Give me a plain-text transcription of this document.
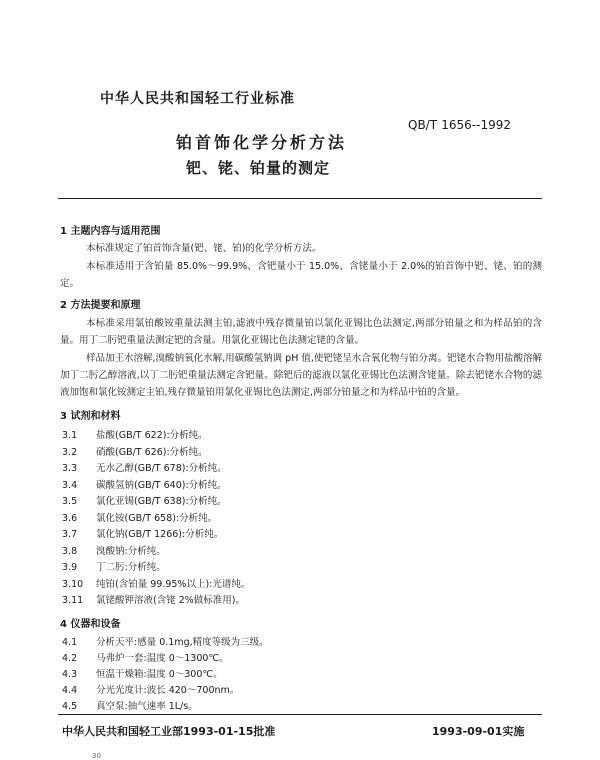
中华人民共和国轻工行业标准
QB/T 1656--1992
铂首饰化学分析方法
钯、铑、铂量的测定
1 主题内容与适用范围
本标准规定了铂首饰含量(钯、铑、铂)的化学分析方法。
本标准适用于含铂量 85.0%～99.9%、含钯量小于 15.0%、含铑量小于 2.0%的铂首饰中钯、铑、铂的测定。
2 方法提要和原理
本标准采用氯铂酸铵重量法测主铂,滤液中残存微量铂以氯化亚锡比色法测定,两部分铂量之和为样品铂的含量。用丁二肟钯重量法测定钯的含量。用氯化亚锡比色法测定铑的含量。
样品加王水溶解,溴酸钠氧化水解,用碳酸氢钠调 pH 值,使钯铑呈水合氧化物与铂分离。钯铑水合物用盐酸溶解加丁二肟乙醇溶液,以丁二肟钯重量法测定含钯量。除钯后的滤液以氯化亚锡比色法测含铑量。除去钯铑水合物的滤液加饱和氯化铵测定主铂,残存微量铂用氯化亚锡比色法测定,两部分铂量之和为样品中铂的含量。
3 试剂和材料
3.1 盐酸(GB/T 622):分析纯。
3.2 硝酸(GB/T 626):分析纯。
3.3 无水乙醇(GB/T 678):分析纯。
3.4 碳酸氢钠(GB/T 640):分析纯。
3.5 氯化亚锡(GB/T 638):分析纯。
3.6 氯化铵(GB/T 658):分析纯。
3.7 氯化钠(GB/T 1266):分析纯。
3.8 溴酸钠:分析纯。
3.9 丁二肟:分析纯。
3.10 纯铂(含铂量 99.95%以上):光谱纯。
3.11 氯铑酸钾溶液(含铑 2%做标准用)。
4 仪器和设备
4.1 分析天平:感量 0.1mg,精度等级为三级。
4.2 马弗炉一套:温度 0～1300℃。
4.3 恒温干燥箱:温度 0～300℃。
4.4 分光光度计:波长 420～700nm。
中华人民共和国轻工业部1993-01-15批准	1993-09-01实施
30
4.5 真空泵:抽气速率 1L/s。
